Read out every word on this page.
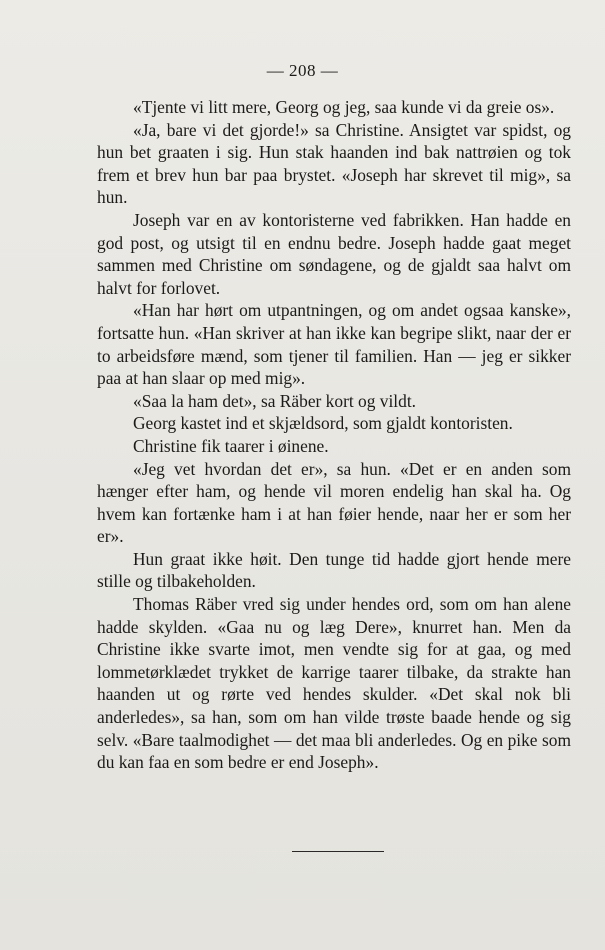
— 208 —

«Tjente vi litt mere, Georg og jeg, saa kunde vi da greie os».

«Ja, bare vi det gjorde!» sa Christine. Ansigtet var spidst, og hun bet graaten i sig. Hun stak haanden ind bak nattrøien og tok frem et brev hun bar paa brystet. «Joseph har skrevet til mig», sa hun.

Joseph var en av kontoristerne ved fabrikken. Han hadde en god post, og utsigt til en endnu bedre. Joseph hadde gaat meget sammen med Christine om søndagene, og de gjaldt saa halvt om halvt for forlovet.

«Han har hørt om utpantningen, og om andet ogsaa kanske», fortsatte hun. «Han skriver at han ikke kan begripe slikt, naar der er to arbeidsføre mænd, som tjener til familien. Han — jeg er sikker paa at han slaar op med mig».

«Saa la ham det», sa Räber kort og vildt.

Georg kastet ind et skjældsord, som gjaldt kontoristen.

Christine fik taarer i øinene.

«Jeg vet hvordan det er», sa hun. «Det er en anden som hænger efter ham, og hende vil moren endelig han skal ha. Og hvem kan fortænke ham i at han føier hende, naar her er som her er».

Hun graat ikke høit. Den tunge tid hadde gjort hende mere stille og tilbakeholden.

Thomas Räber vred sig under hendes ord, som om han alene hadde skylden. «Gaa nu og læg Dere», knurret han. Men da Christine ikke svarte imot, men vendte sig for at gaa, og med lommetørklædet trykket de karrige taarer tilbake, da strakte han haanden ut og rørte ved hendes skulder. «Det skal nok bli anderledes», sa han, som om han vilde trøste baade hende og sig selv. «Bare taalmodighet — det maa bli anderledes. Og en pike som du kan faa en som bedre er end Joseph».
